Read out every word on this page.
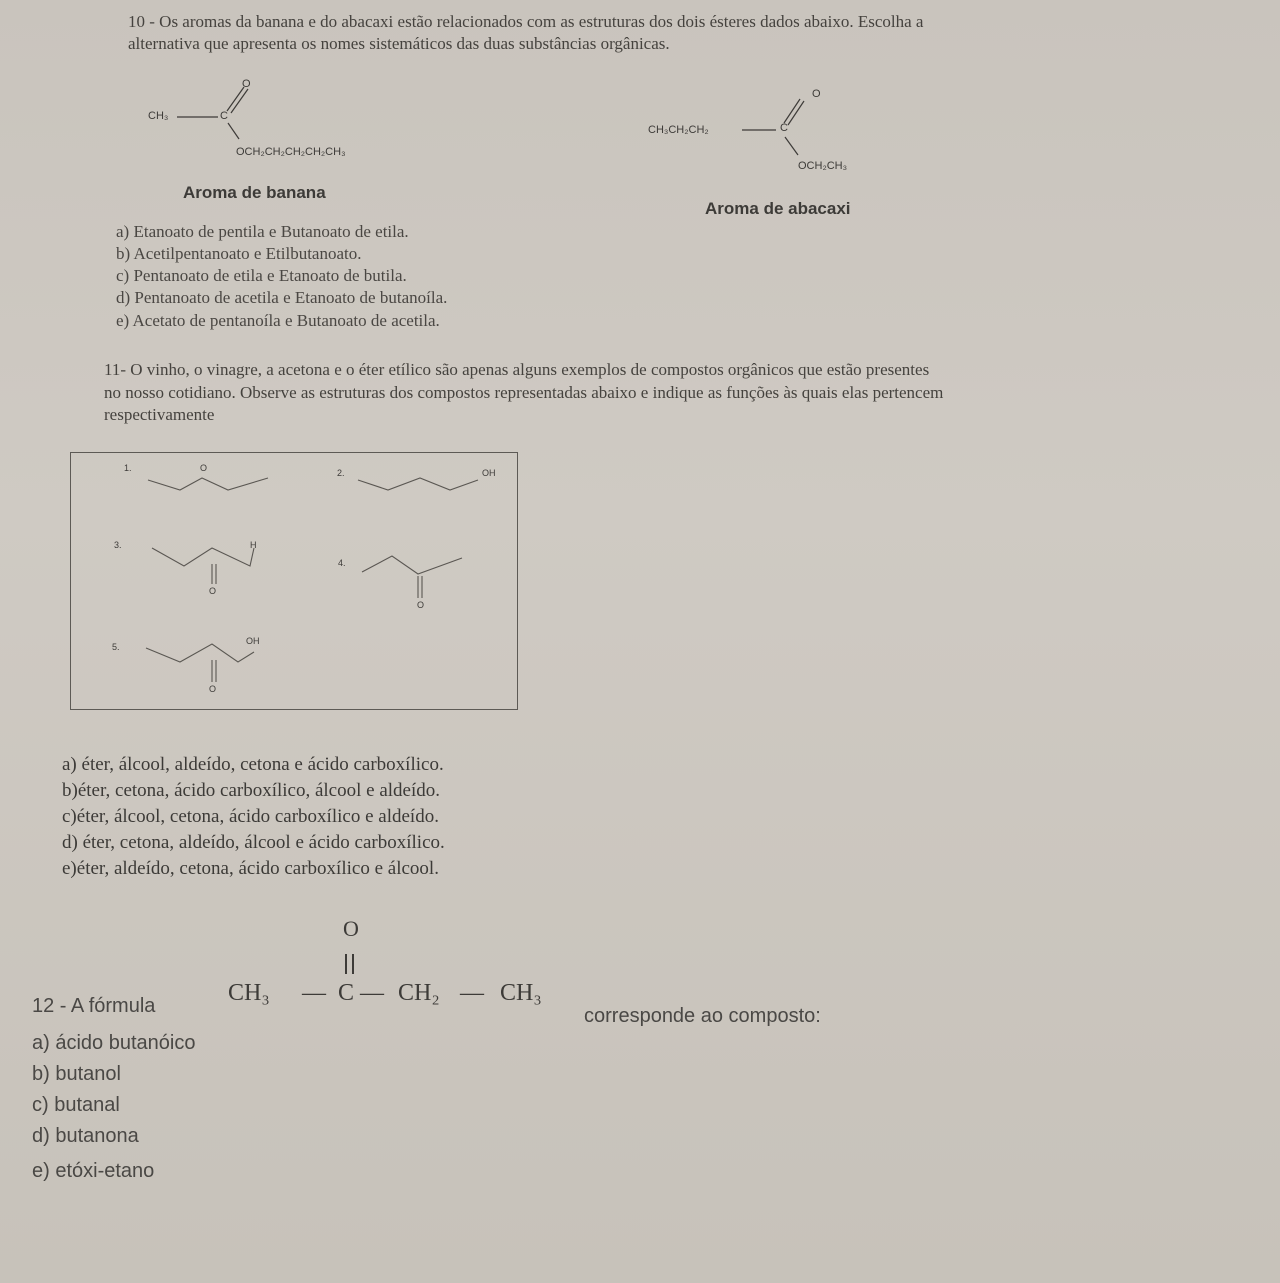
10 - Os aromas da banana e do abacaxi estão relacionados com as estruturas dos dois ésteres dados abaixo. Escolha a
alternativa que apresenta os nomes sistemáticos das duas substâncias orgânicas.
O
CH₃	C
OCH₂CH₂CH₂CH₂CH₃
Aroma de banana
O
CH₃CH₂CH₂	C
OCH₂CH₃
Aroma de abacaxi
a) Etanoato de pentila e Butanoato de etila.
b) Acetilpentanoato e Etilbutanoato.
c) Pentanoato de etila e Etanoato de butila.
d) Pentanoato de acetila e Etanoato de butanoíla.
e) Acetato de pentanoíla e Butanoato de acetila.
11- O vinho, o vinagre, a acetona e o éter etílico são apenas alguns exemplos de compostos orgânicos que estão presentes
no nosso cotidiano. Observe as estruturas dos compostos representadas abaixo e indique as funções às quais elas pertencem
respectivamente
1.	O	2.	OH
3.	H
O
4.
O
5.
OH
O
a) éter, álcool, aldeído, cetona e ácido carboxílico.
b)éter, cetona, ácido carboxílico, álcool e aldeído.
c)éter, álcool, cetona, ácido carboxílico e aldeído.
d) éter, cetona, aldeído, álcool e ácido carboxílico.
e)éter, aldeído, cetona, ácido carboxílico e álcool.
12 - A fórmula
O
CH₃ — C — CH₂ — CH₃
corresponde ao composto:
a) ácido butanóico
b) butanol
c) butanal
d) butanona
e) etóxi-etano
